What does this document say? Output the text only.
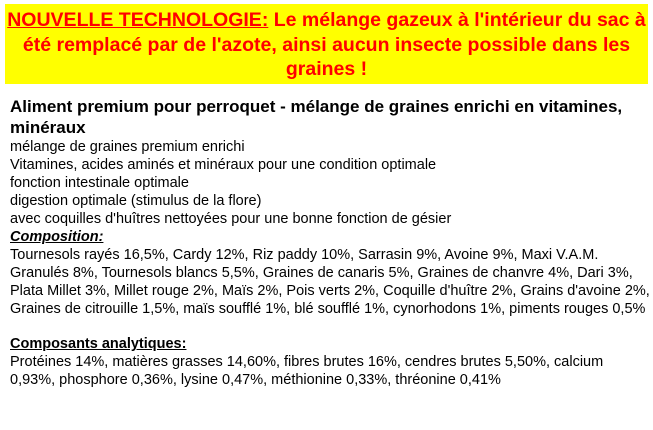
NOUVELLE TECHNOLOGIE: Le mélange gazeux à l'intérieur du sac à été remplacé par de l'azote, ainsi aucun insecte possible dans les graines !

Aliment premium pour perroquet - mélange de graines enrichi en vitamines, minéraux

mélange de graines premium enrichi

Vitamines, acides aminés et minéraux pour une condition optimale

fonction intestinale optimale

digestion optimale (stimulus de la flore)

avec coquilles d'huîtres nettoyées pour une bonne fonction de gésier

Composition:

Tournesols rayés 16,5%, Cardy 12%, Riz paddy 10%, Sarrasin 9%, Avoine 9%, Maxi V.A.M. Granulés 8%, Tournesols blancs 5,5%, Graines de canaris 5%, Graines de chanvre 4%, Dari 3%, Plata Millet 3%, Millet rouge 2%, Maïs 2%, Pois verts 2%, Coquille d'huître 2%, Grains d'avoine 2%, Graines de citrouille 1,5%, maïs soufflé 1%, blé soufflé 1%, cynorhodons 1%, piments rouges 0,5%

Composants analytiques:

Protéines 14%, matières grasses 14,60%, fibres brutes 16%, cendres brutes 5,50%, calcium 0,93%, phosphore 0,36%, lysine 0,47%, méthionine 0,33%, thréonine 0,41%
